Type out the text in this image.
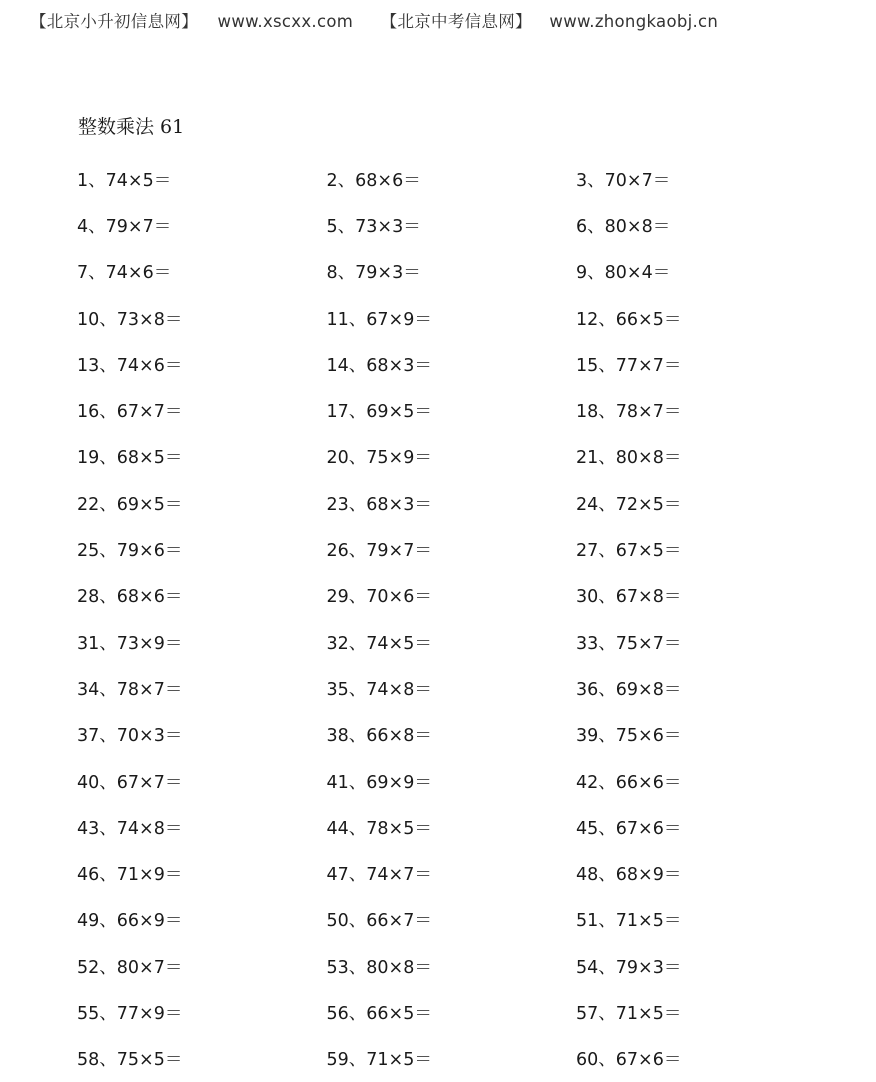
【北京小升初信息网】 www.xscxx.com 【北京中考信息网】 www.zhongkaobj.cn
整数乘法 61
1、74×5＝	2、68×6＝	3、70×7＝
4、79×7＝	5、73×3＝	6、80×8＝
7、74×6＝	8、79×3＝	9、80×4＝
10、73×8＝	11、67×9＝	12、66×5＝
13、74×6＝	14、68×3＝	15、77×7＝
16、67×7＝	17、69×5＝	18、78×7＝
19、68×5＝	20、75×9＝	21、80×8＝
22、69×5＝	23、68×3＝	24、72×5＝
25、79×6＝	26、79×7＝	27、67×5＝
28、68×6＝	29、70×6＝	30、67×8＝
31、73×9＝	32、74×5＝	33、75×7＝
34、78×7＝	35、74×8＝	36、69×8＝
37、70×3＝	38、66×8＝	39、75×6＝
40、67×7＝	41、69×9＝	42、66×6＝
43、74×8＝	44、78×5＝	45、67×6＝
46、71×9＝	47、74×7＝	48、68×9＝
49、66×9＝	50、66×7＝	51、71×5＝
52、80×7＝	53、80×8＝	54、79×3＝
55、77×9＝	56、66×5＝	57、71×5＝
58、75×5＝	59、71×5＝	60、67×6＝
